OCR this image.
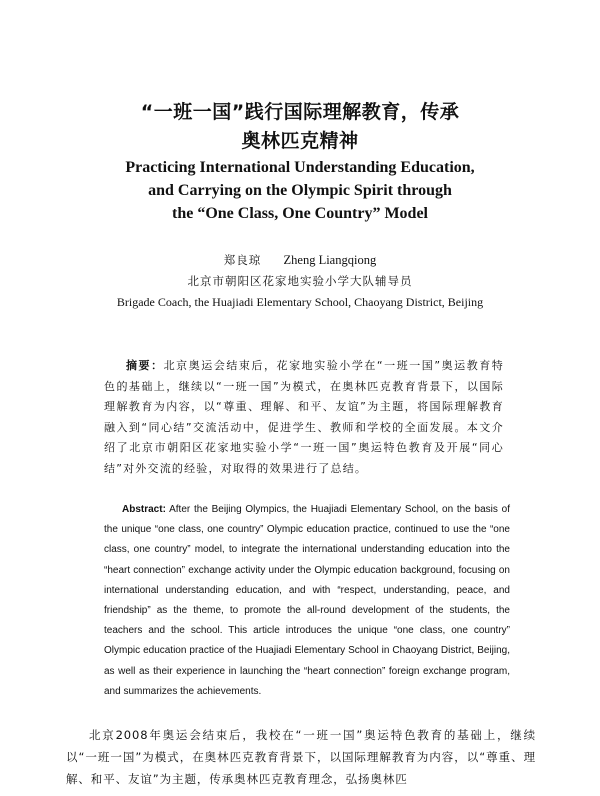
“一班一国”践行国际理解教育，传承
奥林匹克精神
Practicing International Understanding Education,
and Carrying on the Olympic Spirit through
the “One Class, One Country” Model
郑良琼 Zheng Liangqiong
北京市朝阳区花家地实验小学大队辅导员
Brigade Coach, the Huajiadi Elementary School, Chaoyang District, Beijing

摘要：北京奥运会结束后，花家地实验小学在“一班一国”奥运教育特色的基础上，继续以“一班一国”为模式，在奥林匹克教育背景下，以国际理解教育为内容，以“尊重、理解、和平、友谊”为主题，将国际理解教育融入到“同心结”交流活动中，促进学生、教师和学校的全面发展。本文介绍了北京市朝阳区花家地实验小学“一班一国”奥运特色教育及开展“同心结”对外交流的经验，对取得的效果进行了总结。

Abstract: After the Beijing Olympics, the Huajiadi Elementary School, on the basis of the unique “one class, one country” Olympic education practice, continued to use the “one class, one country” model, to integrate the international understanding education into the “heart connection” exchange activity under the Olympic education background, focusing on international understanding education, and with “respect, understanding, peace, and friendship” as the theme, to promote the all-round development of the students, the teachers and the school. This article introduces the unique “one class, one country” Olympic education practice of the Huajiadi Elementary School in Chaoyang District, Beijing, as well as their experience in launching the “heart connection” foreign exchange program, and summarizes the achievements.

北京2008年奥运会结束后，我校在“一班一国”奥运特色教育的基础上，继续以“一班一国”为模式，在奥林匹克教育背景下，以国际理解教育为内容，以“尊重、理解、和平、友谊”为主题，传承奥林匹克教育理念，弘扬奥林匹
